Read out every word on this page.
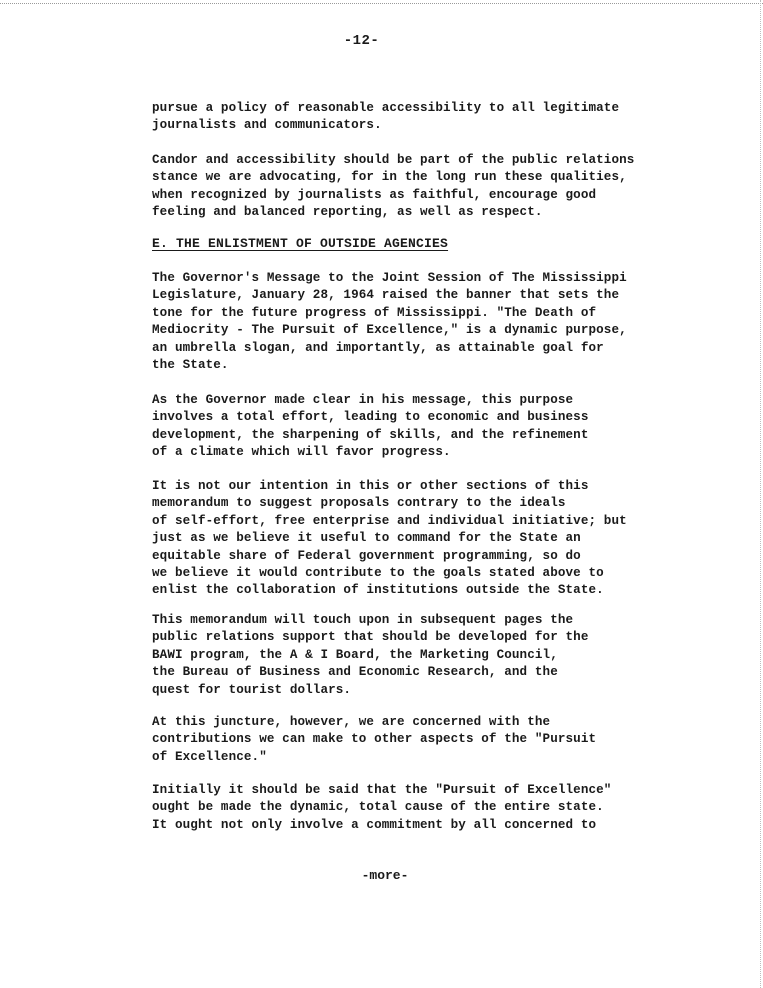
-12-

pursue a policy of reasonable accessibility to all legitimate
journalists and communicators.

Candor and accessibility should be part of the public relations
stance we are advocating, for in the long run these qualities,
when recognized by journalists as faithful, encourage good
feeling and balanced reporting, as well as respect.

E. THE ENLISTMENT OF OUTSIDE AGENCIES

The Governor's Message to the Joint Session of The Mississippi
Legislature, January 28, 1964 raised the banner that sets the
tone for the future progress of Mississippi. "The Death of
Mediocrity - The Pursuit of Excellence," is a dynamic purpose,
an umbrella slogan, and importantly, as attainable goal for
the State.

As the Governor made clear in his message, this purpose
involves a total effort, leading to economic and business
development, the sharpening of skills, and the refinement
of a climate which will favor progress.

It is not our intention in this or other sections of this
memorandum to suggest proposals contrary to the ideals
of self-effort, free enterprise and individual initiative; but
just as we believe it useful to command for the State an
equitable share of Federal government programming, so do
we believe it would contribute to the goals stated above to
enlist the collaboration of institutions outside the State.

This memorandum will touch upon in subsequent pages the
public relations support that should be developed for the
BAWI program, the A & I Board, the Marketing Council,
the Bureau of Business and Economic Research, and the
quest for tourist dollars.

At this juncture, however, we are concerned with the
contributions we can make to other aspects of the "Pursuit
of Excellence."

Initially it should be said that the "Pursuit of Excellence"
ought be made the dynamic, total cause of the entire state.
It ought not only involve a commitment by all concerned to

-more-
